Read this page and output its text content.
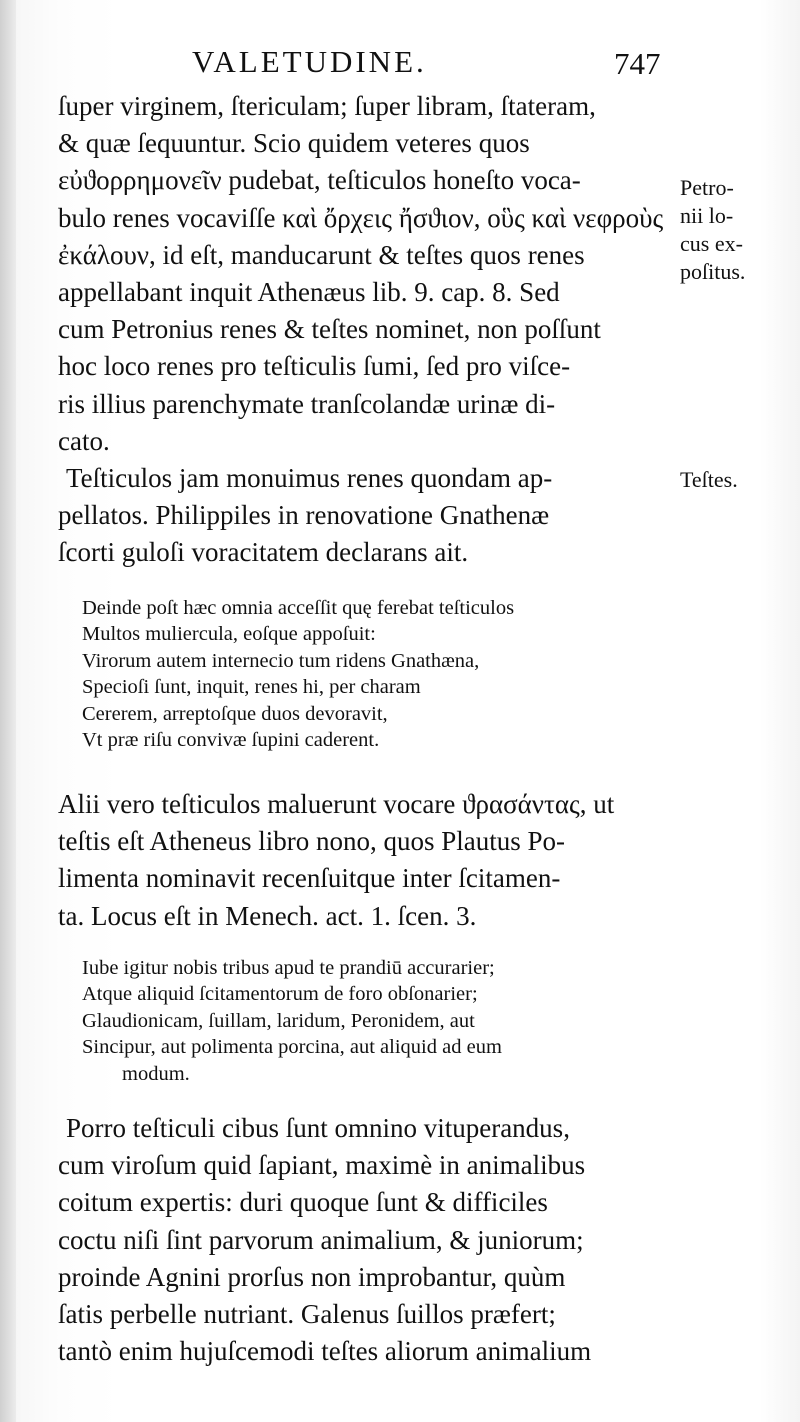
VALETUDINE.	747
ſuper virginem, ſtericulam; ſuper libram, ſtateram,
& quæ ſequuntur. Scio quidem veteres quos
εὐϑορρημονεῖν pudebat, teſticulos honeſto voca-
bulo renes vocaviſſe καὶ ὄρχεις ἤσϑιον, οὓς καὶ νεφροὺς
ἐκάλουν, id eſt, manducarunt & teſtes quos renes
appellabant inquit Athenæus lib. 9. cap. 8. Sed
cum Petronius renes & teſtes nominet, non poſſunt
hoc loco renes pro teſticulis ſumi, ſed pro viſce-
ris illius parenchymate tranſcolandæ urinæ di-
cato.
Teſticulos jam monuimus renes quondam ap-
pellatos. Philippiles in renovatione Gnathenæ
ſcorti guloſi voracitatem declarans ait.
Deinde poſt hæc omnia acceſſit quę ferebat teſticulos
Multos muliercula, eoſque appoſuit:
Virorum autem internecio tum ridens Gnathæna,
Specioſi ſunt, inquit, renes hi, per charam
Cererem, arreptoſque duos devoravit,
Vt præ riſu convivæ ſupini caderent.
Alii vero teſticulos maluerunt vocare ϑρασάντας, ut
teſtis eſt Atheneus libro nono, quos Plautus Po-
limenta nominavit recenſuitque inter ſcitamen-
ta. Locus eſt in Menech. act. 1. ſcen. 3.
Iube igitur nobis tribus apud te prandiū accurarier;
Atque aliquid ſcitamentorum de foro obſonarier;
Glaudionicam, ſuillam, laridum, Peronidem, aut
Sincipur, aut polimenta porcina, aut aliquid ad eum
modum.
Porro teſticuli cibus ſunt omnino vituperandus,
cum viroſum quid ſapiant, maximè in animalibus
coitum expertis: duri quoque ſunt & difficiles
coctu niſi ſint parvorum animalium, & juniorum;
proinde Agnini prorſus non improbantur, quùm
ſatis perbelle nutriant. Galenus ſuillos præfert;
tantò enim hujuſcemodi teſtes aliorum animalium
Petro-
nii lo-
cus ex-
poſitus.
Teſtes.
